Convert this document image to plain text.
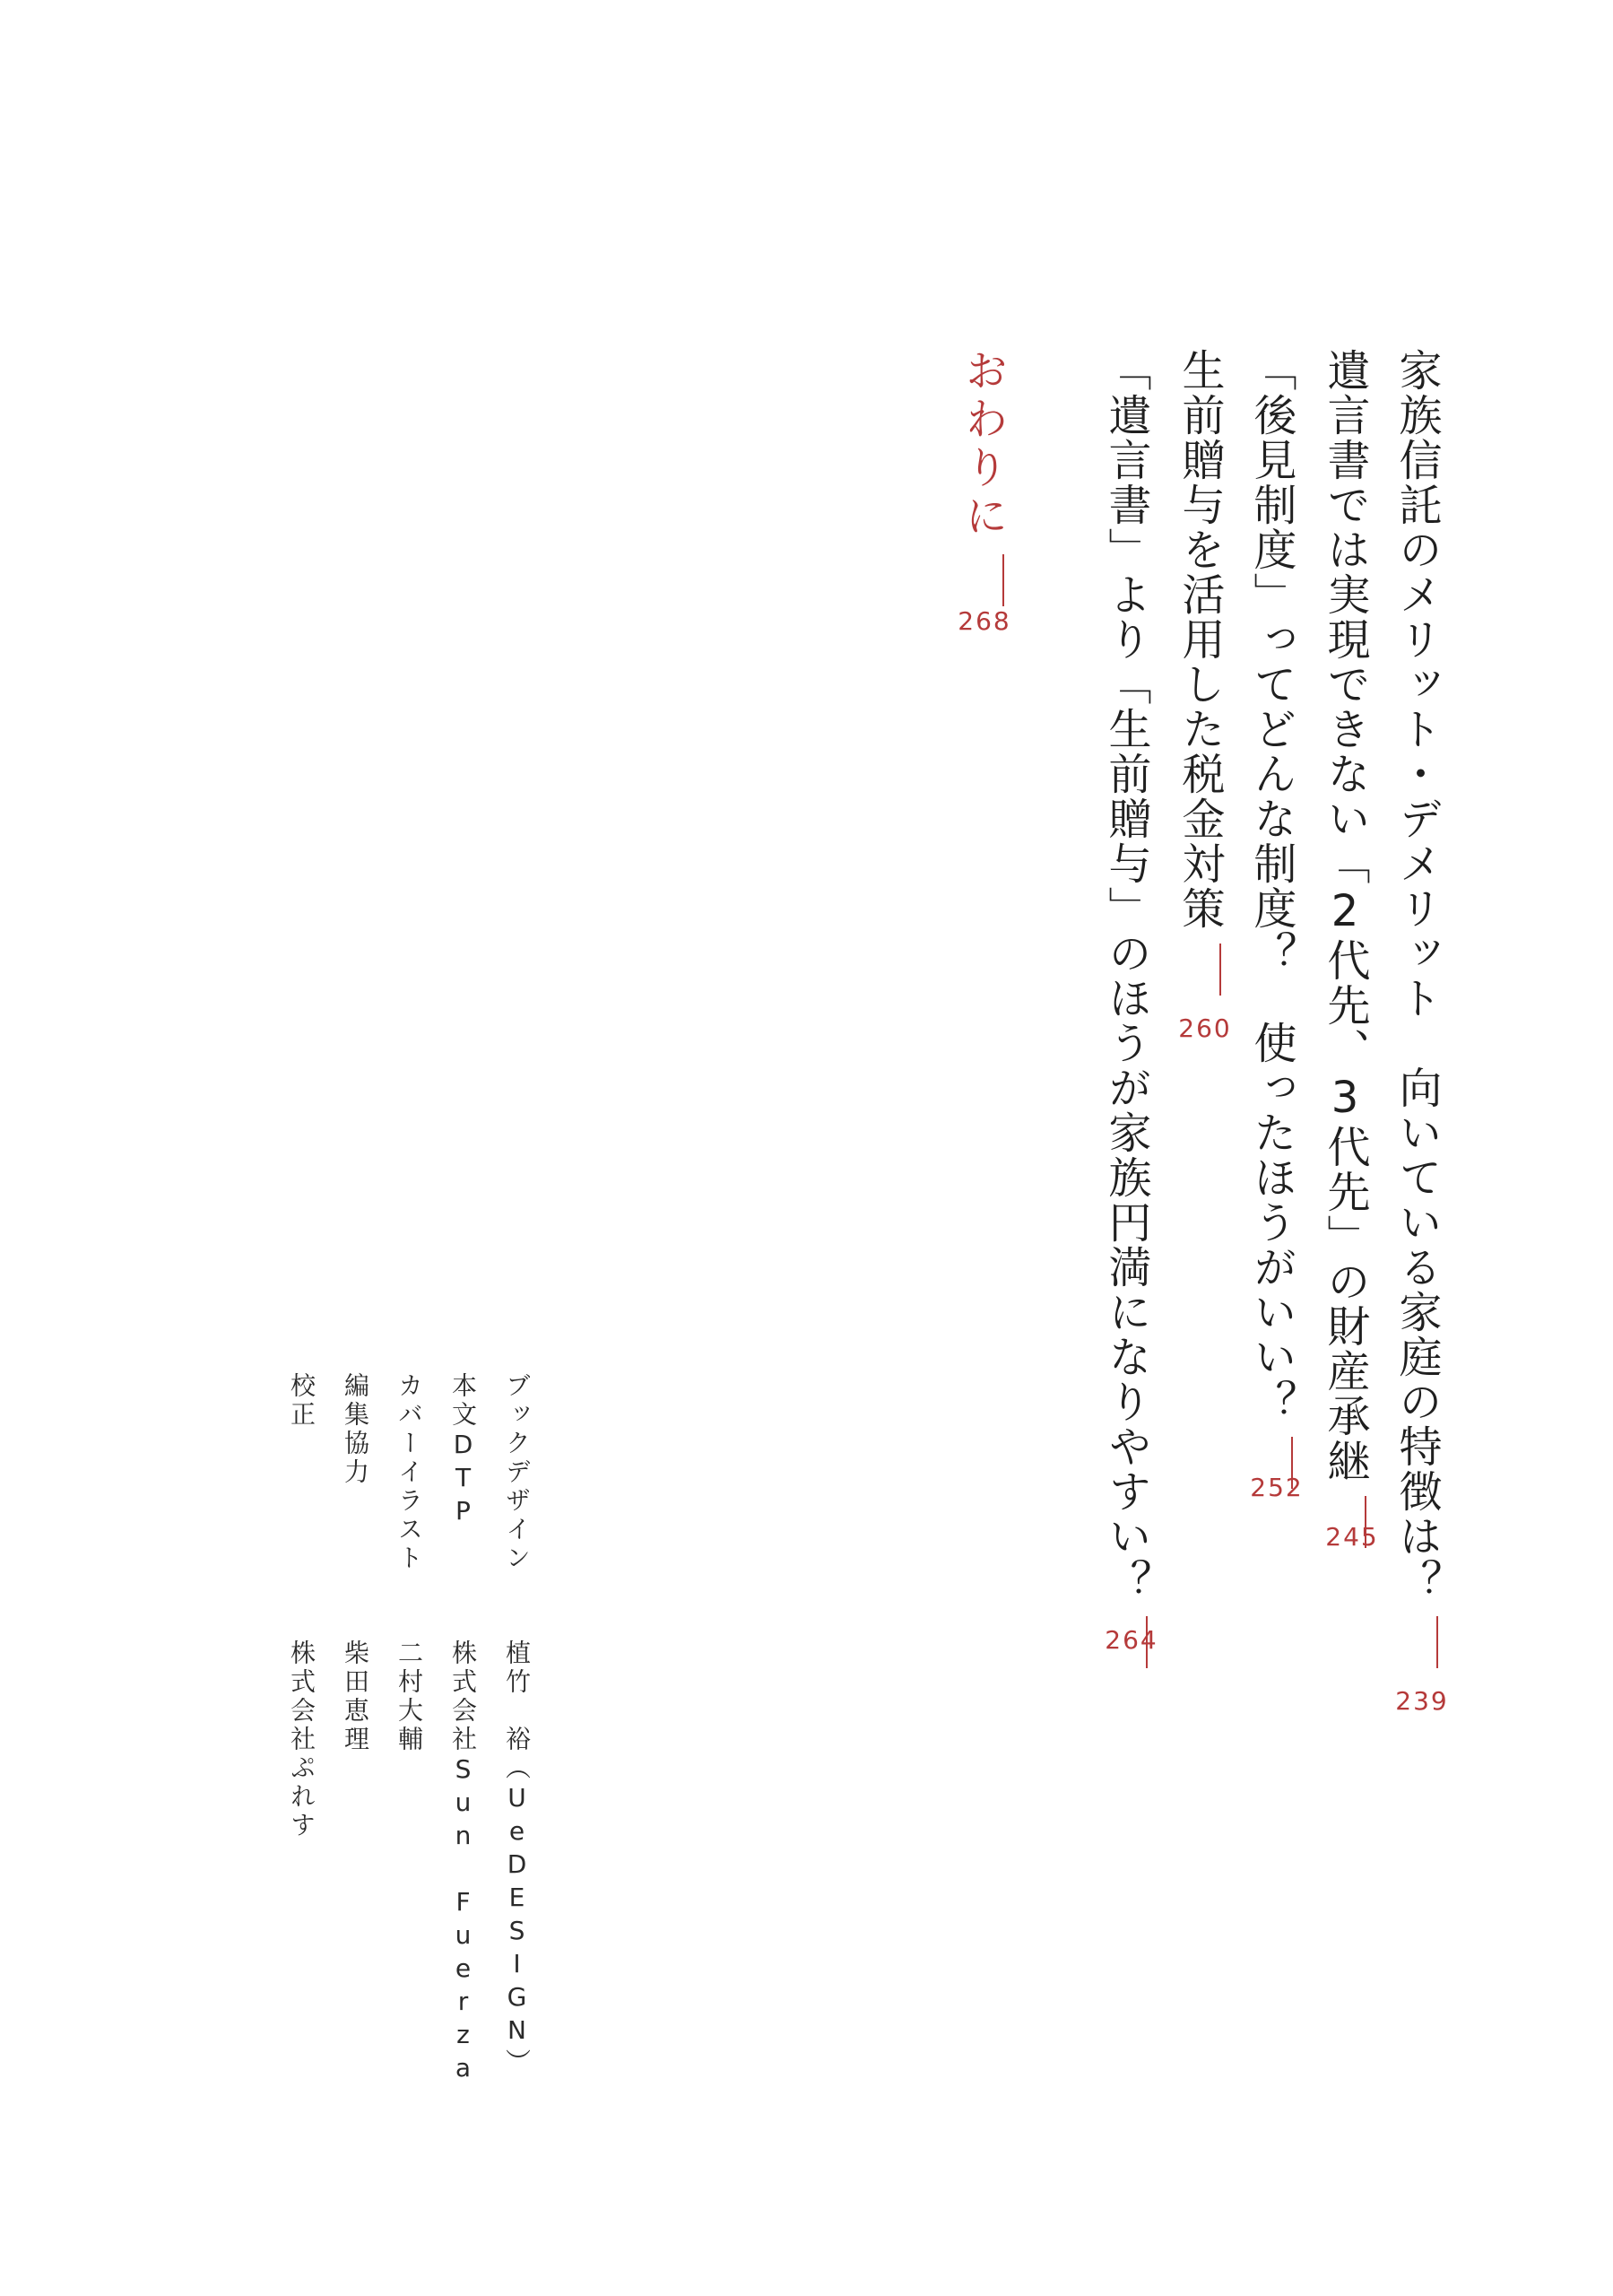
家族信託のメリット・デメリット　向いている家庭の特徴は？
239
遺言書では実現できない「2代先、3代先」の財産承継
245
「後見制度」ってどんな制度？　使ったほうがいい？
252
生前贈与を活用した税金対策
260
「遺言書」より「生前贈与」のほうが家族円満になりやすい？
264
おわりに
268
ブックデザイン
植竹　裕（UeDESIGN）
本文DTP
株式会社Sun Fuerza
カバーイラスト
二村大輔
編集協力
柴田恵理
校正
株式会社ぷれす
